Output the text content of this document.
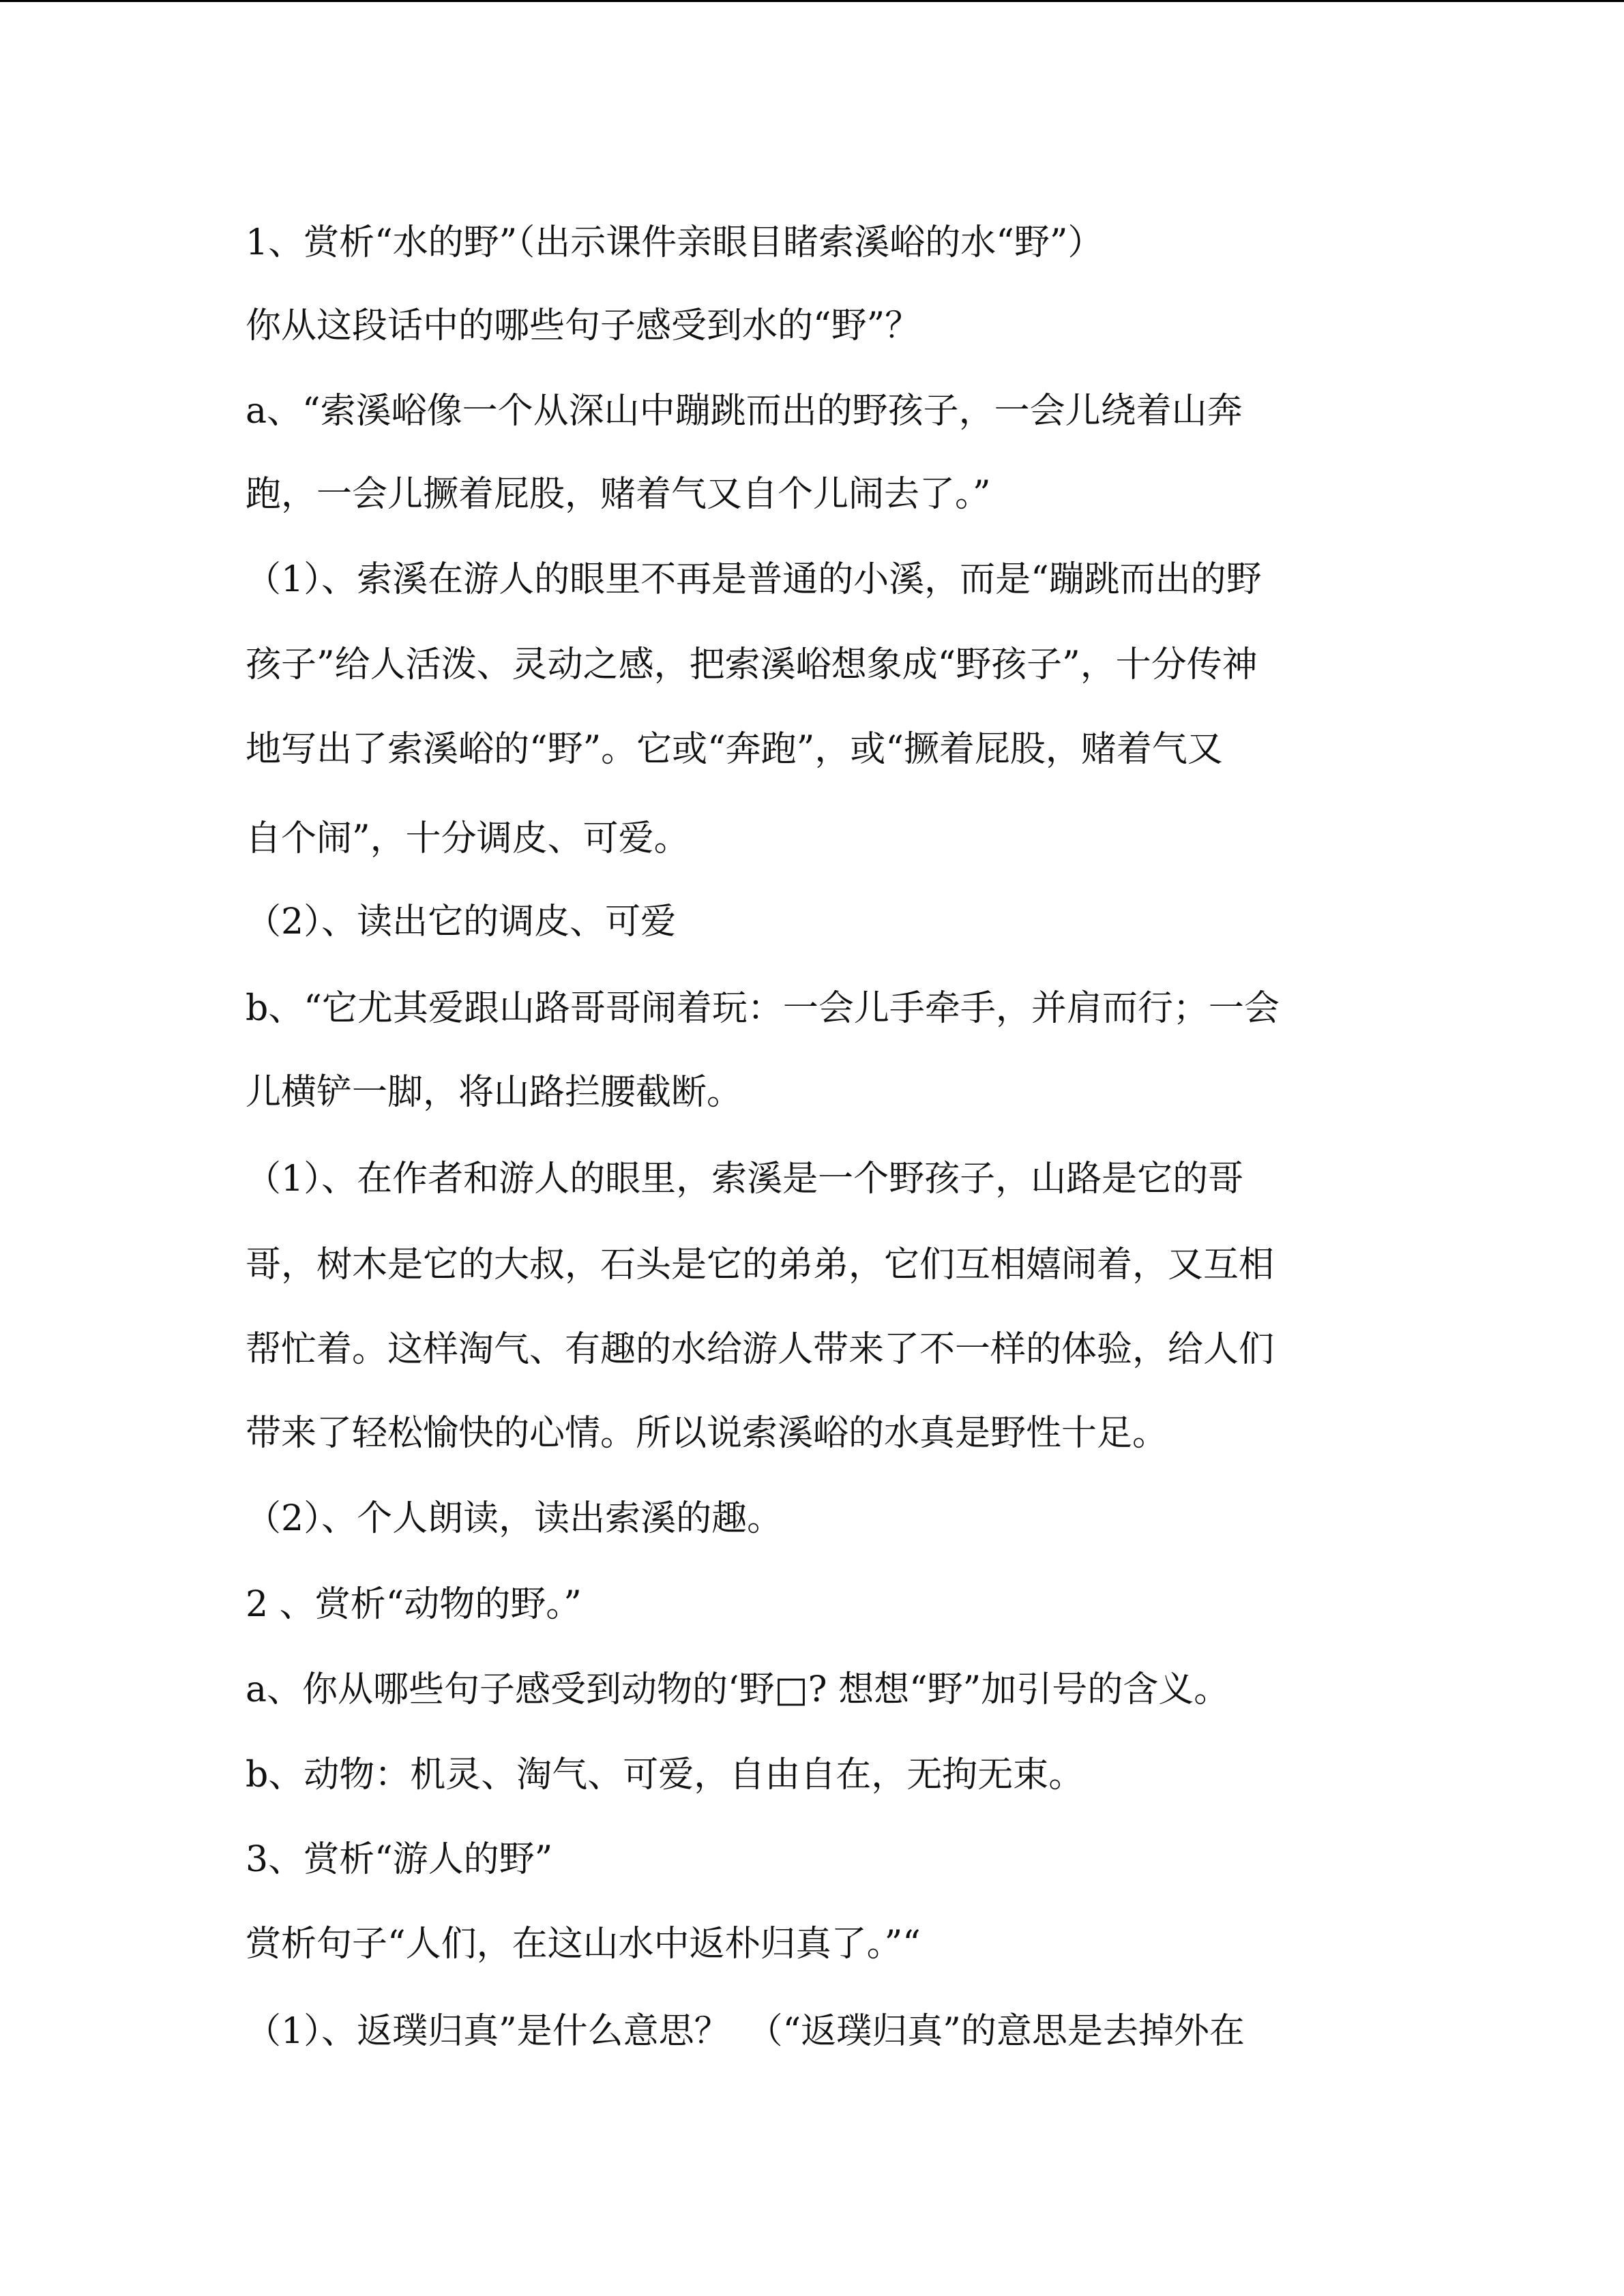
1、赏析“水的野”（出示课件亲眼目睹索溪峪的水“野”）
你从这段话中的哪些句子感受到水的“野”？
a、“索溪峪像一个从深山中蹦跳而出的野孩子，一会儿绕着山奔
跑，一会儿撅着屁股，赌着气又自个儿闹去了。”
（1）、索溪在游人的眼里不再是普通的小溪，而是“蹦跳而出的野
孩子”给人活泼、灵动之感，把索溪峪想象成“野孩子”，十分传神
地写出了索溪峪的“野”。它或“奔跑”，或“撅着屁股，赌着气又
自个闹”，十分调皮、可爱。
（2）、读出它的调皮、可爱
b、“它尤其爱跟山路哥哥闹着玩：一会儿手牵手，并肩而行；一会
儿横铲一脚，将山路拦腰截断。
（1）、在作者和游人的眼里，索溪是一个野孩子，山路是它的哥
哥，树木是它的大叔，石头是它的弟弟，它们互相嬉闹着，又互相
帮忙着。这样淘气、有趣的水给游人带来了不一样的体验，给人们
带来了轻松愉快的心情。所以说索溪峪的水真是野性十足。
（2）、个人朗读，读出索溪的趣。
2 、赏析“动物的野。”
a、你从哪些句子感受到动物的‘野□? 想想“野”加引号的含义。
b、动物：机灵、淘气、可爱，自由自在，无拘无束。
3、赏析“游人的野”
赏析句子“人们，在这山水中返朴归真了。”“
（1）、返璞归真”是什么意思？　（“返璞归真”的意思是去掉外在
